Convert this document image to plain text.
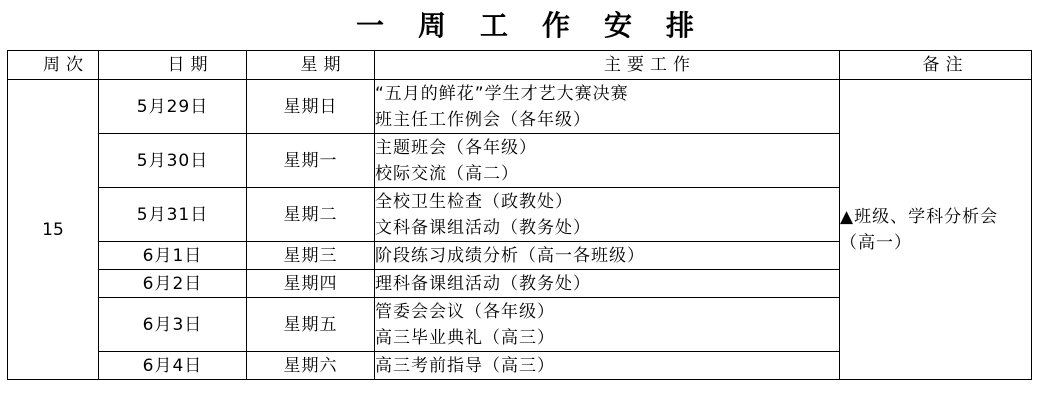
一周工作安排
周次	日期	星期	主要工作	备注
15	5月29日	星期日	“五月的鲜花”学生才艺大赛决赛
班主任工作例会（各年级）	▲班级、学科分析会（高一）
	5月30日	星期一	主题班会（各年级）
校际交流（高二）	

	5月31日	星期二	全校卫生检查（政教处）
文科备课组活动（教务处）	

	6月1日	星期三	阶段练习成绩分析（高一各班级）	

	6月2日	星期四	理科备课组活动（教务处）	

	6月3日	星期五	管委会会议（各年级）
高三毕业典礼（高三）	

	6月4日	星期六	高三考前指导（高三）	
